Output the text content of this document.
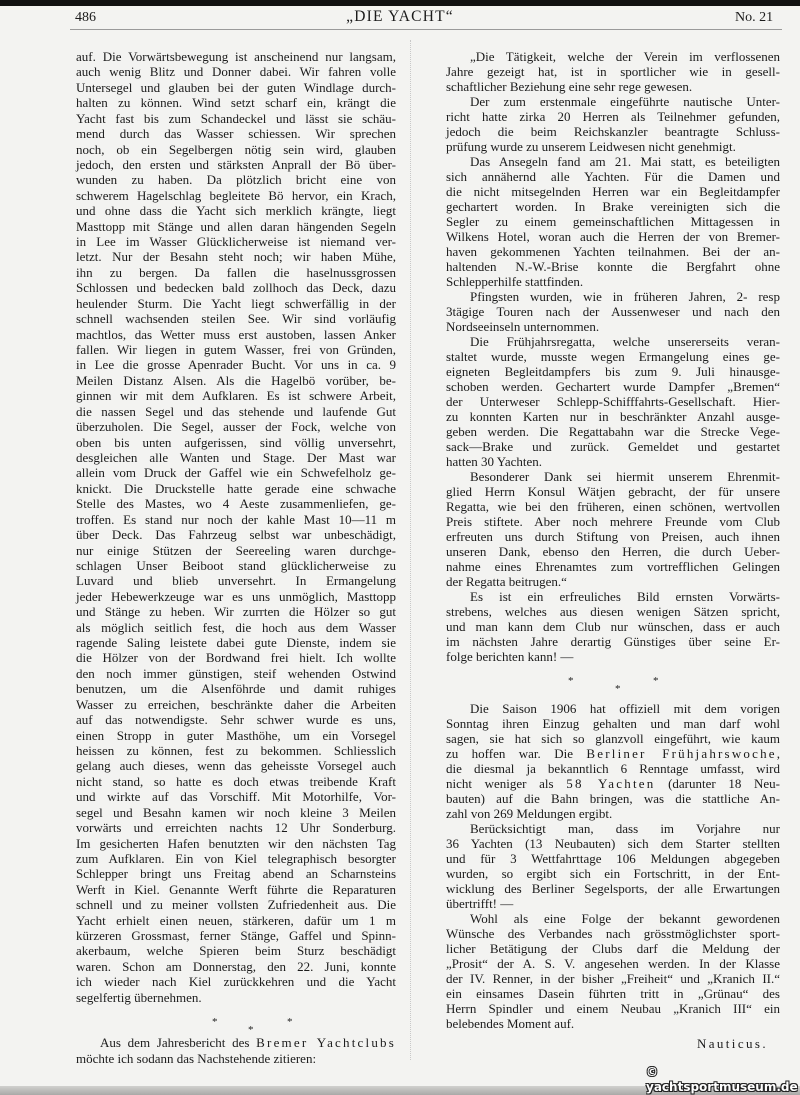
486	„DIE YACHT“	No. 21
auf. Die Vorwärtsbewegung ist anscheinend nur langsam,
auch wenig Blitz und Donner dabei. Wir fahren volle
Untersegel und glauben bei der guten Windlage durch-
halten zu können. Wind setzt scharf ein, krängt die
Yacht fast bis zum Schandeckel und lässt sie schäu-
mend durch das Wasser schiessen. Wir sprechen
noch, ob ein Segelbergen nötig sein wird, glauben
jedoch, den ersten und stärksten Anprall der Bö über-
wunden zu haben. Da plötzlich bricht eine von
schwerem Hagelschlag begleitete Bö hervor, ein Krach,
und ohne dass die Yacht sich merklich krängte, liegt
Masttopp mit Stänge und allen daran hängenden Segeln
in Lee im Wasser Glücklicherweise ist niemand ver-
letzt. Nur der Besahn steht noch; wir haben Mühe,
ihn zu bergen. Da fallen die haselnussgrossen
Schlossen und bedecken bald zollhoch das Deck, dazu
heulender Sturm. Die Yacht liegt schwerfällig in der
schnell wachsenden steilen See. Wir sind vorläufig
machtlos, das Wetter muss erst austoben, lassen Anker
fallen. Wir liegen in gutem Wasser, frei von Gründen,
in Lee die grosse Apenrader Bucht. Vor uns in ca. 9
Meilen Distanz Alsen. Als die Hagelbö vorüber, be-
ginnen wir mit dem Aufklaren. Es ist schwere Arbeit,
die nassen Segel und das stehende und laufende Gut
überzuholen. Die Segel, ausser der Fock, welche von
oben bis unten aufgerissen, sind völlig unversehrt,
desgleichen alle Wanten und Stage. Der Mast war
allein vom Druck der Gaffel wie ein Schwefelholz ge-
knickt. Die Druckstelle hatte gerade eine schwache
Stelle des Mastes, wo 4 Aeste zusammenliefen, ge-
troffen. Es stand nur noch der kahle Mast 10—11 m
über Deck. Das Fahrzeug selbst war unbeschädigt,
nur einige Stützen der Seereeling waren durchge-
schlagen Unser Beiboot stand glücklicherweise zu
Luvard und blieb unversehrt. In Ermangelung
jeder Hebewerkzeuge war es uns unmöglich, Masttopp
und Stänge zu heben. Wir zurrten die Hölzer so gut
als möglich seitlich fest, die hoch aus dem Wasser
ragende Saling leistete dabei gute Dienste, indem sie
die Hölzer von der Bordwand frei hielt. Ich wollte
den noch immer günstigen, steif wehenden Ostwind
benutzen, um die Alsenföhrde und damit ruhiges
Wasser zu erreichen, beschränkte daher die Arbeiten
auf das notwendigste. Sehr schwer wurde es uns,
einen Stropp in guter Masthöhe, um ein Vorsegel
heissen zu können, fest zu bekommen. Schliesslich
gelang auch dieses, wenn das geheisste Vorsegel auch
nicht stand, so hatte es doch etwas treibende Kraft
und wirkte auf das Vorschiff. Mit Motorhilfe, Vor-
segel und Besahn kamen wir noch kleine 3 Meilen
vorwärts und erreichten nachts 12 Uhr Sonderburg.
Im gesicherten Hafen benutzten wir den nächsten Tag
zum Aufklaren. Ein von Kiel telegraphisch besorgter
Schlepper bringt uns Freitag abend an Scharnsteins
Werft in Kiel. Genannte Werft führte die Reparaturen
schnell und zu meiner vollsten Zufriedenheit aus. Die
Yacht erhielt einen neuen, stärkeren, dafür um 1 m
kürzeren Grossmast, ferner Stänge, Gaffel und Spinn-
akerbaum, welche Spieren beim Sturz beschädigt
waren. Schon am Donnerstag, den 22. Juni, konnte
ich wieder nach Kiel zurückkehren und die Yacht
segelfertig übernehmen.
*	*
*
Aus dem Jahresbericht des Bremer Yachtclubs
möchte ich sodann das Nachstehende zitieren:
„Die Tätigkeit, welche der Verein im verflossenen
Jahre gezeigt hat, ist in sportlicher wie in gesell-
schaftlicher Beziehung eine sehr rege gewesen.
Der zum erstenmale eingeführte nautische Unter-
richt hatte zirka 20 Herren als Teilnehmer gefunden,
jedoch die beim Reichskanzler beantragte Schluss-
prüfung wurde zu unserem Leidwesen nicht genehmigt.
Das Ansegeln fand am 21. Mai statt, es beteiligten
sich annähernd alle Yachten. Für die Damen und
die nicht mitsegelnden Herren war ein Begleitdampfer
gechartert worden. In Brake vereinigten sich die
Segler zu einem gemeinschaftlichen Mittagessen in
Wilkens Hotel, woran auch die Herren der von Bremer-
haven gekommenen Yachten teilnahmen. Bei der an-
haltenden N.-W.-Brise konnte die Bergfahrt ohne
Schlepperhilfe stattfinden.
Pfingsten wurden, wie in früheren Jahren, 2- resp
3tägige Touren nach der Aussenweser und nach den
Nordseeinseln unternommen.
Die Frühjahrsregatta, welche unsererseits veran-
staltet wurde, musste wegen Ermangelung eines ge-
eigneten Begleitdampfers bis zum 9. Juli hinausge-
schoben werden. Gechartert wurde Dampfer „Bremen“
der Unterweser Schlepp-Schifffahrts-Gesellschaft. Hier-
zu konnten Karten nur in beschränkter Anzahl ausge-
geben werden. Die Regattabahn war die Strecke Vege-
sack—Brake und zurück. Gemeldet und gestartet
hatten 30 Yachten.
Besonderer Dank sei hiermit unserem Ehrenmit-
glied Herrn Konsul Wätjen gebracht, der für unsere
Regatta, wie bei den früheren, einen schönen, wertvollen
Preis stiftete. Aber noch mehrere Freunde vom Club
erfreuten uns durch Stiftung von Preisen, auch ihnen
unseren Dank, ebenso den Herren, die durch Ueber-
nahme eines Ehrenamtes zum vortrefflichen Gelingen
der Regatta beitrugen.“
Es ist ein erfreuliches Bild ernsten Vorwärts-
strebens, welches aus diesen wenigen Sätzen spricht,
und man kann dem Club nur wünschen, dass er auch
im nächsten Jahre derartig Günstiges über seine Er-
folge berichten kann! —
*	*
*
Die Saison 1906 hat offiziell mit dem vorigen
Sonntag ihren Einzug gehalten und man darf wohl
sagen, sie hat sich so glanzvoll eingeführt, wie kaum
zu hoffen war. Die Berliner Frühjahrswoche,
die diesmal ja bekanntlich 6 Renntage umfasst, wird
nicht weniger als 58 Yachten (darunter 18 Neu-
bauten) auf die Bahn bringen, was die stattliche An-
zahl von 269 Meldungen ergibt.
Berücksichtigt man, dass im Vorjahre nur
36 Yachten (13 Neubauten) sich dem Starter stellten
und für 3 Wettfahrttage 106 Meldungen abgegeben
wurden, so ergibt sich ein Fortschritt, in der Ent-
wicklung des Berliner Segelsports, der alle Erwartungen
übertrifft! —
Wohl als eine Folge der bekannt gewordenen
Wünsche des Verbandes nach grösstmöglichster sport-
licher Betätigung der Clubs darf die Meldung der
„Prosit“ der A. S. V. angesehen werden. In der Klasse
der IV. Renner, in der bisher „Freiheit“ und „Kranich II.“
ein einsames Dasein führten tritt in „Grünau“ des
Herrn Spindler und einem Neubau „Kranich III“ ein
belebendes Moment auf.
Nauticus.
© yachtsportmuseum.de
